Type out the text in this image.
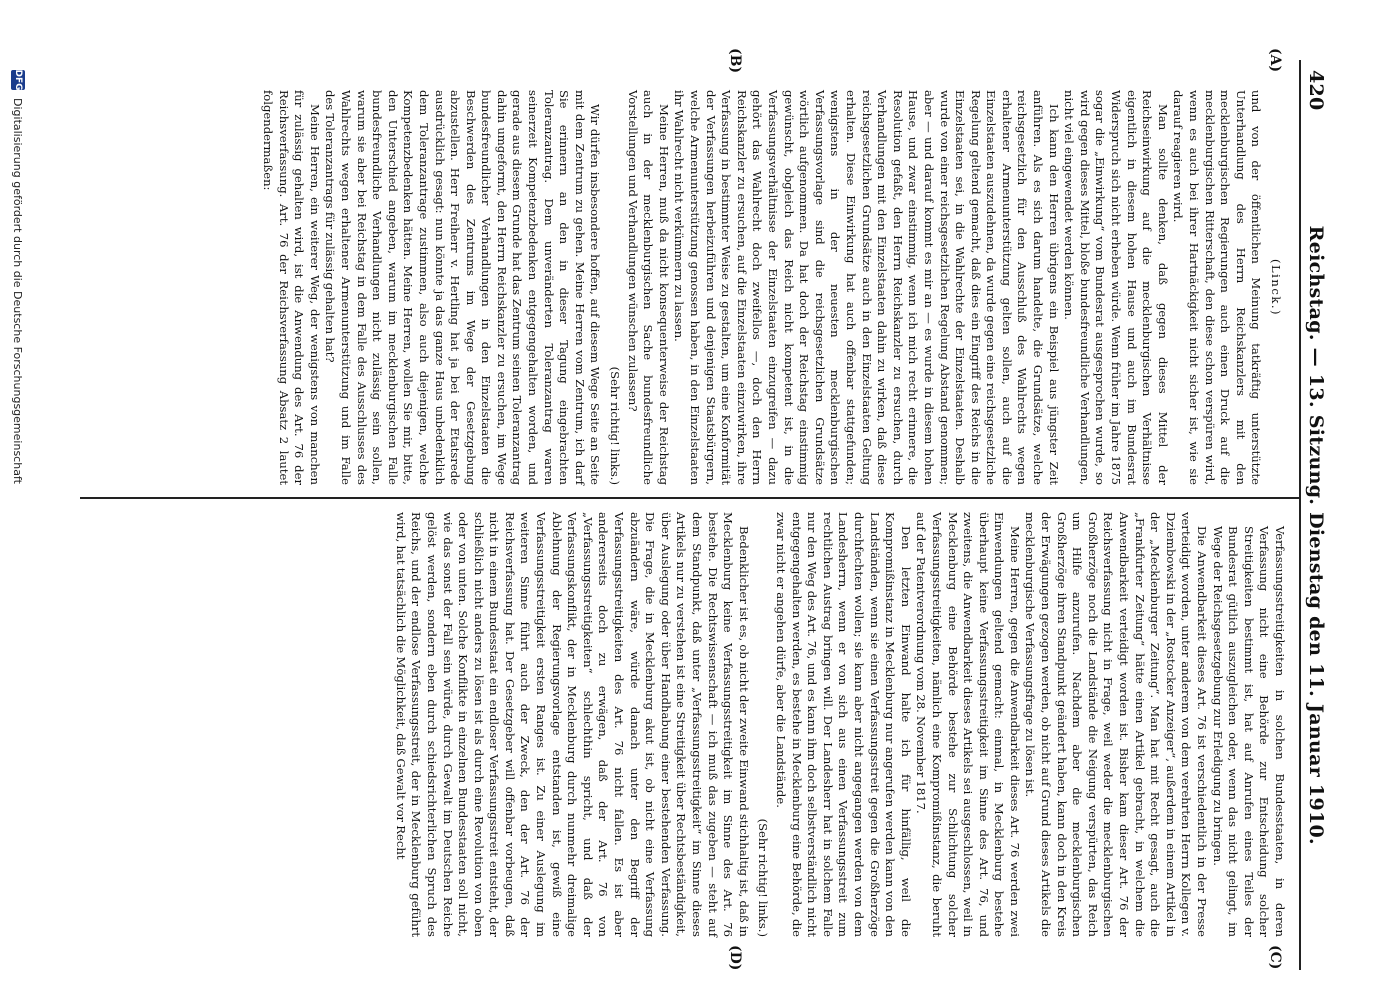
420
Reichstag. — 13. Sitzung. Dienstag den 11. Januar 1910.
(A)
(B)
(C)
(D)

(Linck.)

und von der öffentlichen Meinung tatkräftig unterstützte Unterhandlung des Herrn Reichskanzlers mit den mecklenburgischen Regierungen auch einen Druck auf die mecklenburgischen Ritterschaft, den diese schon verspüren wird, wenn es auch bei ihrer Hartnäckigkeit nicht sicher ist, wie sie darauf reagieren wird.

Man sollte denken, daß gegen dieses Mittel der Reichseinwirkung auf die mecklenburgischen Verhältnisse eigentlich in diesem hohen Hause und auch im Bundesrat Widerspruch sich nicht erheben würde. Wenn früher im Jahre 1875 sogar die „Einwirkung“ vom Bundesrat ausgesprochen wurde, so wird gegen dieses Mittel, bloße bundesfreundliche Verhandlungen, nicht viel eingewendet werden können.

Ich kann den Herren übrigens ein Beispiel aus jüngster Zeit anführen. Als es sich darum handelte, die Grundsätze, welche reichsgesetzlich für den Ausschluß des Wahlrechts wegen erhaltener Armenunterstützung gelten sollen, auch auf die Einzelstaaten auszudehnen, da wurde gegen eine reichsgesetzliche Regelung geltend gemacht, daß dies ein Eingriff des Reichs in die Einzelstaaten sei, in die Wahlrechte der Einzelstaaten. Deshalb wurde von einer reichsgesetzlichen Regelung Abstand genommen; aber — und darauf kommt es mir an — es wurde in diesem hohen Hause, und zwar einstimmig, wenn ich mich recht erinnere, die Resolution gefaßt, den Herrn Reichskanzler zu ersuchen, durch Verhandlungen mit den Einzelstaaten dahin zu wirken, daß diese reichsgesetzlichen Grundsätze auch in den Einzelstaaten Geltung erhalten. Diese Einwirkung hat auch offenbar stattgefunden; wenigstens in der neuesten mecklenburgischen Verfassungsvorlage sind die reichsgesetzlichen Grundsätze wörtlich aufgenommen. Da hat doch der Reichstag einstimmig gewünscht, obgleich das Reich nicht kompetent ist, in die Verfassungsverhältnisse der Einzelstaaten einzugreifen — dazu gehört das Wahlrecht doch zweifellos —, doch den Herrn Reichskanzler zu ersuchen, auf die Einzelstaaten einzuwirken, ihre Verfassung in bestimmter Weise zu gestalten, um eine Konformität der Verfassungen herbeizuführen und denjenigen Staatsbürgern, welche Armenunterstützung genossen haben, in den Einzelstaaten ihr Wahlrecht nicht verkümmern zu lassen.

Meine Herren, muß da nicht konsequenterweise der Reichstag auch in der mecklenburgischen Sache bundesfreundliche Vorstellungen und Verhandlungen wünschen zulassen?

(Sehr richtig! links.)

Wir dürfen insbesondere hoffen, auf diesem Wege Seite an Seite mit dem Zentrum zu gehen. Meine Herren vom Zentrum, ich darf Sie erinnern an den in dieser Tagung eingebrachten Toleranzantrag. Dem unveränderten Toleranzantrag waren seinerzeit Kompetenzbedenken entgegengehalten worden, und gerade aus diesem Grunde hat das Zentrum seinen Toleranzantrag dahin umgeformt, den Herrn Reichskanzler zu ersuchen, im Wege bundesfreundlicher Verhandlungen in den Einzelstaaten die Beschwerden des Zentrums im Wege der Gesetzgebung abzustellen. Herr Freiherr v. Hertling hat ja bei der Etatsrede ausdrücklich gesagt: nun könnte ja das ganze Haus unbedenklich dem Toleranzantrage zustimmen, also auch diejenigen, welche Kompetenzbedenken hätten. Meine Herren, wollen Sie mir, bitte, den Unterschied angeben, warum im mecklenburgischen Falle bundesfreundliche Verhandlungen nicht zulässig sein sollen, warum sie aber bei Reichstag in dem Falle des Ausschlusses des Wahlrechts wegen erhaltener Armenunterstützung und im Falle des Toleranzantrags für zulässig gehalten hat?

Meine Herren, ein weiterer Weg, der wenigstens von manchen für zulässig gehalten wird, ist die Anwendung des Art. 76 der Reichsverfassung. Art. 76 der Reichsverfassung Absatz 2 lautet folgendermaßen:

Verfassungsstreitigkeiten in solchen Bundesstaaten, in deren Verfassung nicht eine Behörde zur Entscheidung solcher Streitigkeiten bestimmt ist, hat auf Anrufen eines Teiles der Bundesrat gütlich auszugleichen oder, wenn das nicht gelingt, im Wege der Reichsgesetzgebung zur Erledigung zu bringen.

Die Anwendbarkeit dieses Art. 76 ist verschiedentlich in der Presse verteidigt worden, unter anderem von dem verehrten Herrn Kollegen v. Dziembowski in der „Rostocker Anzeiger“, außerdem in einem Artikel in der „Mecklenburger Zeitung“. Man hat mit Recht gesagt, auch die „Frankfurter Zeitung“ hätte einen Artikel gebracht, in welchem die Anwendbarkeit verteidigt worden ist. Bisher kam dieser Art. 76 der Reichsverfassung nicht in Frage, weil weder die mecklenburgischen Großherzöge noch die Landstände die Neigung verspürten, das Reich um Hilfe anzurufen. Nachdem aber die mecklenburgischen Großherzöge ihren Standpunkt geändert haben, kann doch in den Kreis der Erwägungen gezogen werden, ob nicht auf Grund dieses Artikels die mecklenburgische Verfassungsfrage zu lösen ist.

Meine Herren, gegen die Anwendbarkeit dieses Art. 76 werden zwei Einwendungen geltend gemacht: einmal, in Mecklenburg bestehe überhaupt keine Verfassungsstreitigkeit im Sinne des Art. 76, und zweitens, die Anwendbarkeit dieses Artikels sei ausgeschlossen, weil in Mecklenburg eine Behörde bestehe zur Schlichtung solcher Verfassungsstreitigkeiten, nämlich eine Kompromißinstanz, die beruht auf der Patentverordnung vom 28. November 1817.

Den letzten Einwand halte ich für hinfällig, weil die Kompromißinstanz in Mecklenburg nur angerufen werden kann von den Landständen, wenn sie einen Verfassungsstreit gegen die Großherzöge durchfechten wollen; sie kann aber nicht angegangen werden von dem Landesherrn, wenn er von sich aus einen Verfassungsstreit zum rechtlichen Austrag bringen will. Der Landesherr hat in solchem Falle nur den Weg des Art. 76, und es kann ihm doch selbstverständlich nicht entgegengehalten werden, es bestehe in Mecklenburg eine Behörde, die zwar nicht er angehen dürfe, aber die Landstände.

(Sehr richtig! links.)

Bedenklicher ist es, ob nicht der zweite Einwand stichhaltig ist, daß in Mecklenburg keine Verfassungsstreitigkeit im Sinne des Art. 76 bestehe. Die Rechtswissenschaft — ich muß das zugeben — steht auf dem Standpunkt, daß unter „Verfassungsstreitigkeit“ im Sinne dieses Artikels nur zu verstehen ist eine Streitigkeit über Rechtsbeständigkeit, über Auslegung oder über Handhabung einer bestehenden Verfassung. Die Frage, die in Mecklenburg akut ist, ob nicht eine Verfassung abzuändern wäre, würde danach unter den Begriff der Verfassungsstreitigkeiten des Art. 76 nicht fallen. Es ist aber andererseits doch zu erwägen, daß der Art. 76 von „Verfassungsstreitigkeiten“ schlechthin spricht, und daß der Verfassungskonflikt, der in Mecklenburg durch nunmehr dreimalige Ablehnung der Regierungsvorlage entstanden ist, gewiß eine Verfassungsstreitigkeit ersten Ranges ist. Zu einer Auslegung im weiteren Sinne führt auch der Zweck, den der Art. 76 der Reichsverfassung hat. Der Gesetzgeber will offenbar vorbeugen, daß nicht in einem Bundesstaat ein endloser Verfassungsstreit entsteht, der schließlich nicht anders zu lösen ist als durch eine Revolution von oben oder von unten. Solche Konflikte in einzelnen Bundesstaaten soll nicht, wie das sonst der Fall sein würde, durch Gewalt im Deutschen Reiche gelöst werden, sondern eben durch schiedsrichterlichen Spruch des Reichs, und der endlose Verfassungsstreit, der in Mecklenburg geführt wird, hat tatsächlich die Möglichkeit, daß Gewalt vor Recht

DFG
Digitalisierung gefördert durch die Deutsche Forschungsgemeinschaft
